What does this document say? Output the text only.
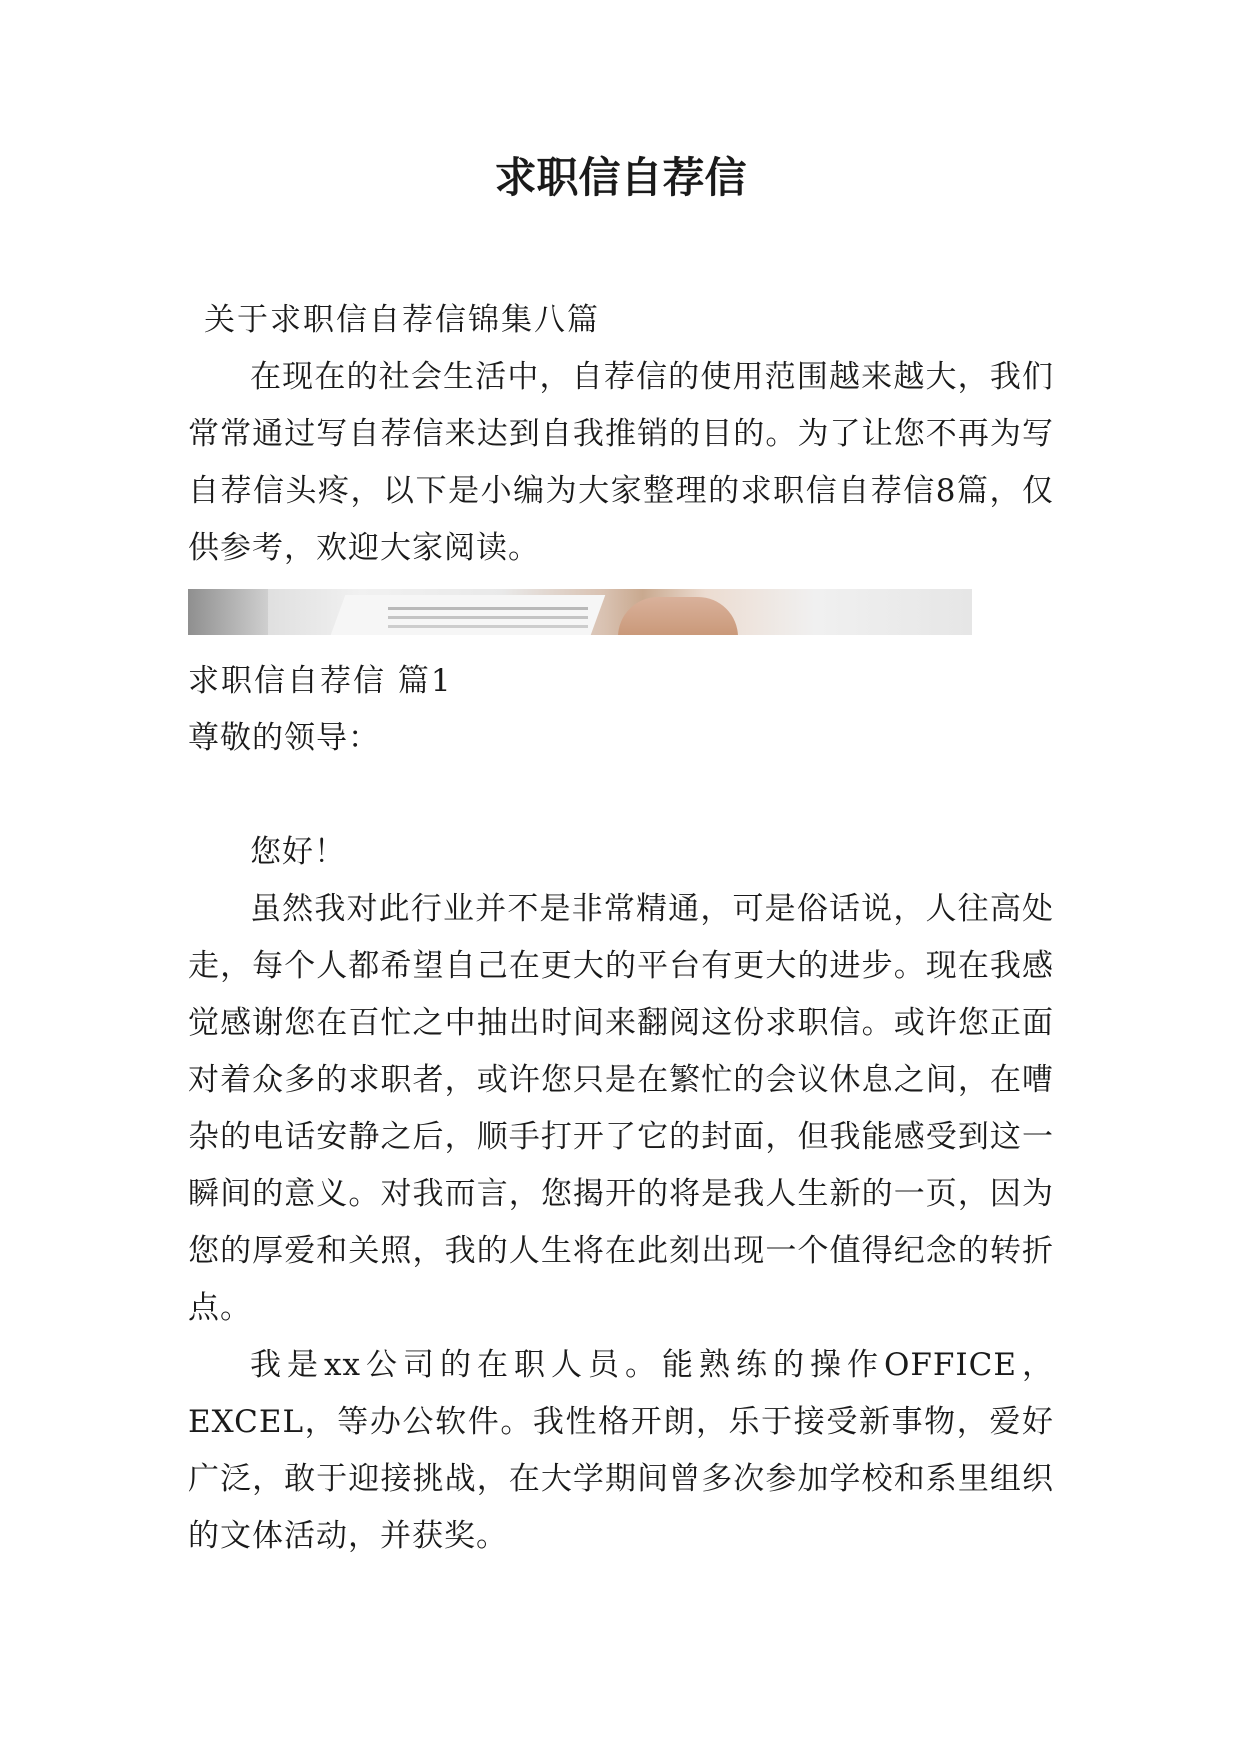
求职信自荐信

关于求职信自荐信锦集八篇

在现在的社会生活中，自荐信的使用范围越来越大，我们常常通过写自荐信来达到自我推销的目的。为了让您不再为写自荐信头疼，以下是小编为大家整理的求职信自荐信8篇，仅供参考，欢迎大家阅读。

求职信自荐信 篇1

尊敬的领导：

您好！

虽然我对此行业并不是非常精通，可是俗话说，人往高处走，每个人都希望自己在更大的平台有更大的进步。现在我感觉感谢您在百忙之中抽出时间来翻阅这份求职信。或许您正面对着众多的求职者，或许您只是在繁忙的会议休息之间，在嘈杂的电话安静之后，顺手打开了它的封面，但我能感受到这一瞬间的意义。对我而言，您揭开的将是我人生新的一页，因为您的厚爱和关照，我的人生将在此刻出现一个值得纪念的转折点。

我是xx公司的在职人员。能熟练的操作OFFICE，EXCEL，等办公软件。我性格开朗，乐于接受新事物，爱好广泛，敢于迎接挑战，在大学期间曾多次参加学校和系里组织的文体活动，并获奖。
